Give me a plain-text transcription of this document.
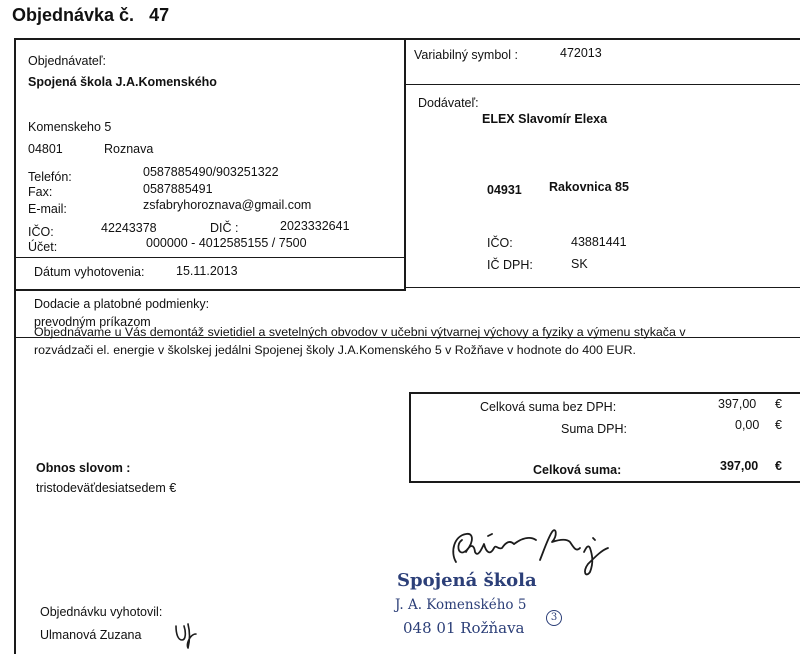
Objednávka č. 47
Objednávateľ:
Spojená škola J.A.Komenského
Komenskeho 5
04801	Roznava
Telefón:	0587885490/903251322
Fax:	0587885491
E-mail:	zsfabryhoroznava@gmail.com
IČO:	42243378	DIČ :	2023332641
Účet:	000000 - 4012585155 / 7500
Dátum vyhotovenia:	15.11.2013
Variabilný symbol :	472013
Dodávateľ:
ELEX Slavomír Elexa
04931 Rakovnica 85
IČO:	43881441
IČ DPH:	SK
Dodacie a platobné podmienky:
prevodným príkazom
Objednávame u Vás demontáž svietidiel a svetelných obvodov v učebni výtvarnej výchovy a fyziky a výmenu stykača v
rozvádzači el. energie v školskej jedálni Spojenej školy J.A.Komenského 5 v Rožňave v hodnote do 400 EUR.
Celková suma bez DPH:	397,00 €
Suma DPH:	0,00 €
Celková suma:	397,00 €
Obnos slovom :
tristodeväťdesiatsedem €
Spojená škola
J. A. Komenského 5
048 01 Rožňava
3
Objednávku vyhotovil:
Ulmanová Zuzana
